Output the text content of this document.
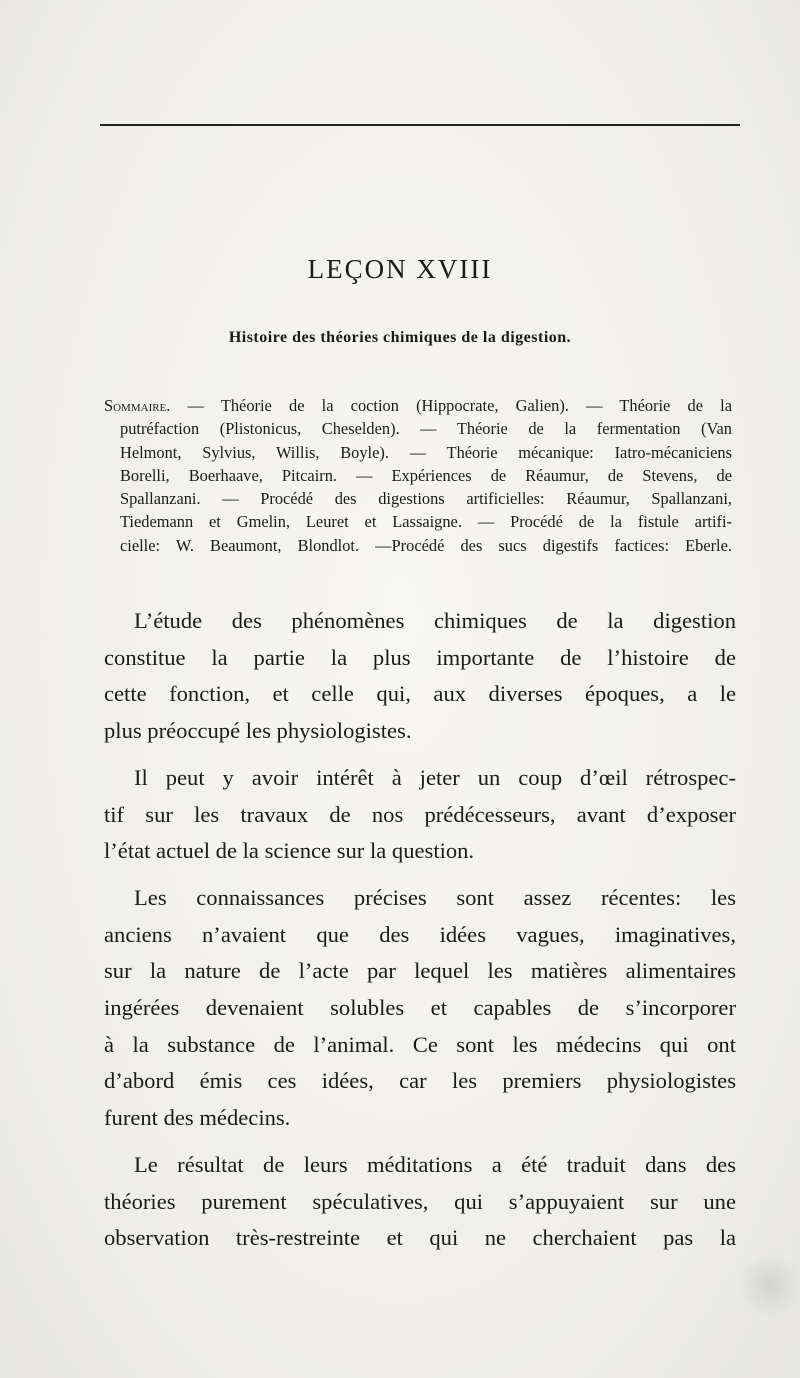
LEÇON XVIII
Histoire des théories chimiques de la digestion.
Sommaire. — Théorie de la coction (Hippocrate, Galien). — Théorie de la
putréfaction (Plistonicus, Cheselden). — Théorie de la fermentation (Van
Helmont, Sylvius, Willis, Boyle). — Théorie mécanique: Iatro-mécaniciens
Borelli, Boerhaave, Pitcairn. — Expériences de Réaumur, de Stevens, de
Spallanzani. — Procédé des digestions artificielles: Réaumur, Spallanzani,
Tiedemann et Gmelin, Leuret et Lassaigne. — Procédé de la fistule artifi-
cielle: W. Beaumont, Blondlot. —Procédé des sucs digestifs factices: Eberle.
L’étude des phénomènes chimiques de la digestion
constitue la partie la plus importante de l’histoire de
cette fonction, et celle qui, aux diverses époques, a le
plus préoccupé les physiologistes.
Il peut y avoir intérêt à jeter un coup d’œil rétrospec-
tif sur les travaux de nos prédécesseurs, avant d’exposer
l’état actuel de la science sur la question.
Les connaissances précises sont assez récentes: les
anciens n’avaient que des idées vagues, imaginatives,
sur la nature de l’acte par lequel les matières alimentaires
ingérées devenaient solubles et capables de s’incorporer
à la substance de l’animal. Ce sont les médecins qui ont
d’abord émis ces idées, car les premiers physiologistes
furent des médecins.
Le résultat de leurs méditations a été traduit dans des
théories purement spéculatives, qui s’appuyaient sur une
observation très-restreinte et qui ne cherchaient pas la
